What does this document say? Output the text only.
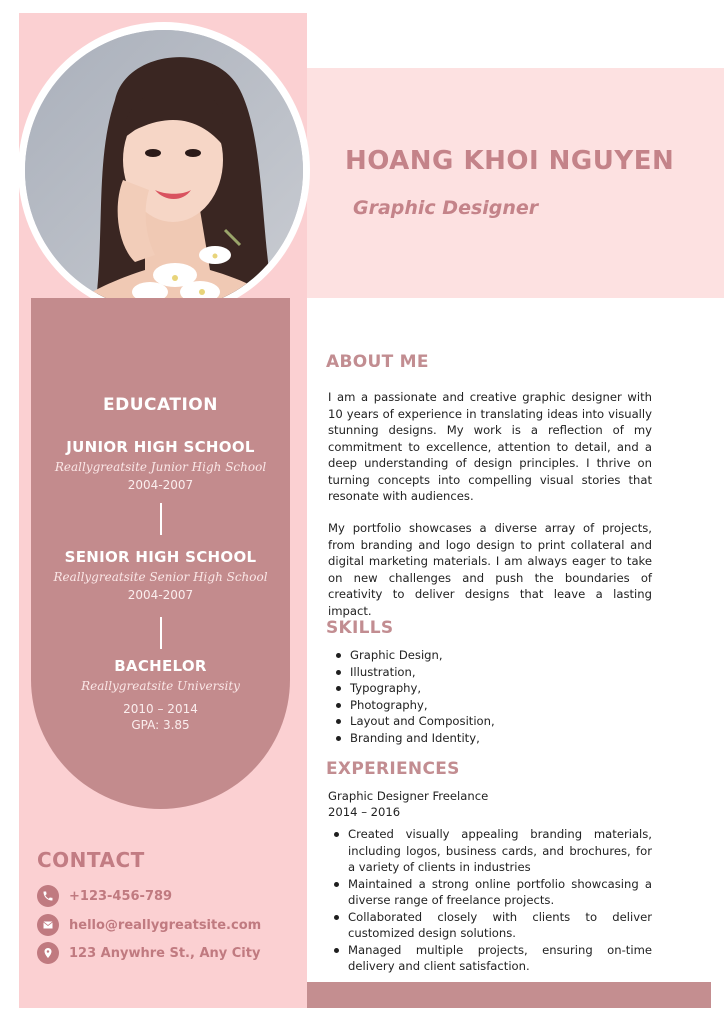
HOANG KHOI NGUYEN
Graphic Designer
EDUCATION
JUNIOR HIGH SCHOOL
Reallygreatsite Junior High School
2004-2007
SENIOR HIGH SCHOOL
Reallygreatsite Senior High School
2004-2007
BACHELOR
Reallygreatsite University
2010 – 2014
GPA: 3.85
CONTACT
+123-456-789
hello@reallygreatsite.com
123 Anywhre St., Any City
ABOUT ME

I am a passionate and creative graphic designer with 10 years of experience in translating ideas into visually stunning designs. My work is a reflection of my commitment to excellence, attention to detail, and a deep understanding of design principles. I thrive on turning concepts into compelling visual stories that resonate with audiences.

My portfolio showcases a diverse array of projects, from branding and logo design to print collateral and digital marketing materials. I am always eager to take on new challenges and push the boundaries of creativity to deliver designs that leave a lasting impact.

SKILLS
Graphic Design,
Illustration,
Typography,
Photography,
Layout and Composition,
Branding and Identity,
EXPERIENCES
Graphic Designer Freelance
2014 – 2016
Created visually appealing branding materials, including logos, business cards, and brochures, for a variety of clients in industries
Maintained a strong online portfolio showcasing a diverse range of freelance projects.
Collaborated closely with clients to deliver customized design solutions.
Managed multiple projects, ensuring on-time delivery and client satisfaction.
